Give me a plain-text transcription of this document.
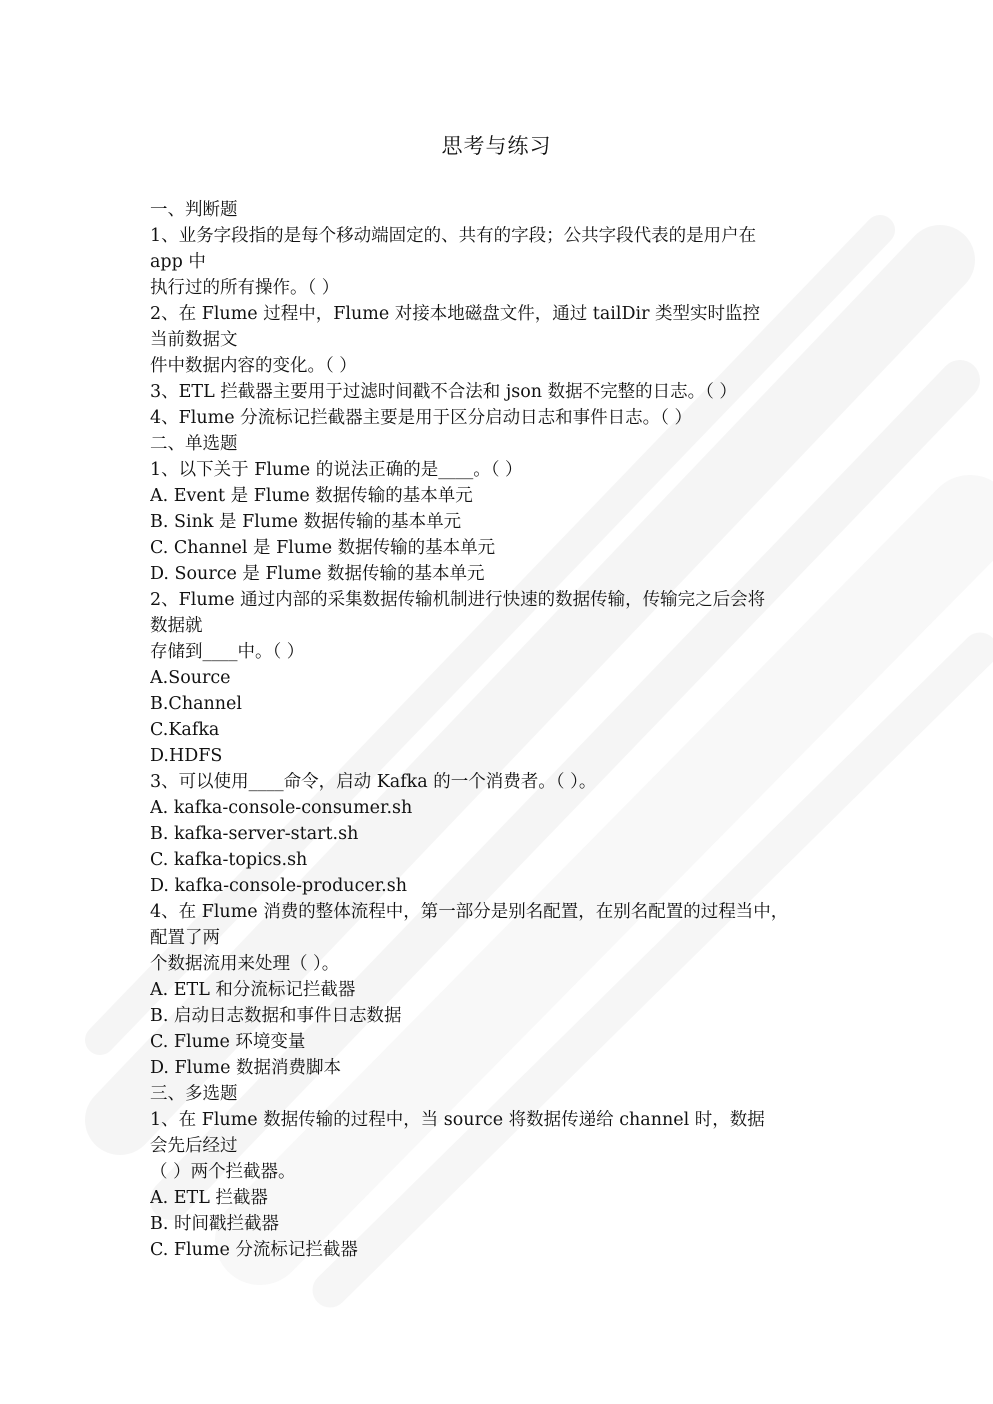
思考与练习
一、判断题
1、业务字段指的是每个移动端固定的、共有的字段；公共字段代表的是用户在
app 中
执行过的所有操作。（ ）
2、在 Flume 过程中，Flume 对接本地磁盘文件，通过 tailDir 类型实时监控
当前数据文
件中数据内容的变化。（ ）
3、ETL 拦截器主要用于过滤时间戳不合法和 json 数据不完整的日志。（ ）
4、Flume 分流标记拦截器主要是用于区分启动日志和事件日志。（ ）
二、单选题
1、以下关于 Flume 的说法正确的是____。（ ）
A. Event 是 Flume 数据传输的基本单元
B. Sink 是 Flume 数据传输的基本单元
C. Channel 是 Flume 数据传输的基本单元
D. Source 是 Flume 数据传输的基本单元
2、Flume 通过内部的采集数据传输机制进行快速的数据传输，传输完之后会将
数据就
存储到____中。（ ）
A.Source
B.Channel
C.Kafka
D.HDFS
3、可以使用____命令，启动 Kafka 的一个消费者。（ ）。
A. kafka-console-consumer.sh
B. kafka-server-start.sh
C. kafka-topics.sh
D. kafka-console-producer.sh
4、在 Flume 消费的整体流程中，第一部分是别名配置，在别名配置的过程当中，
配置了两
个数据流用来处理（ ）。
A. ETL 和分流标记拦截器
B. 启动日志数据和事件日志数据
C. Flume 环境变量
D. Flume 数据消费脚本
三、多选题
1、在 Flume 数据传输的过程中，当 source 将数据传递给 channel 时，数据
会先后经过
（ ）两个拦截器。
A. ETL 拦截器
B. 时间戳拦截器
C. Flume 分流标记拦截器
